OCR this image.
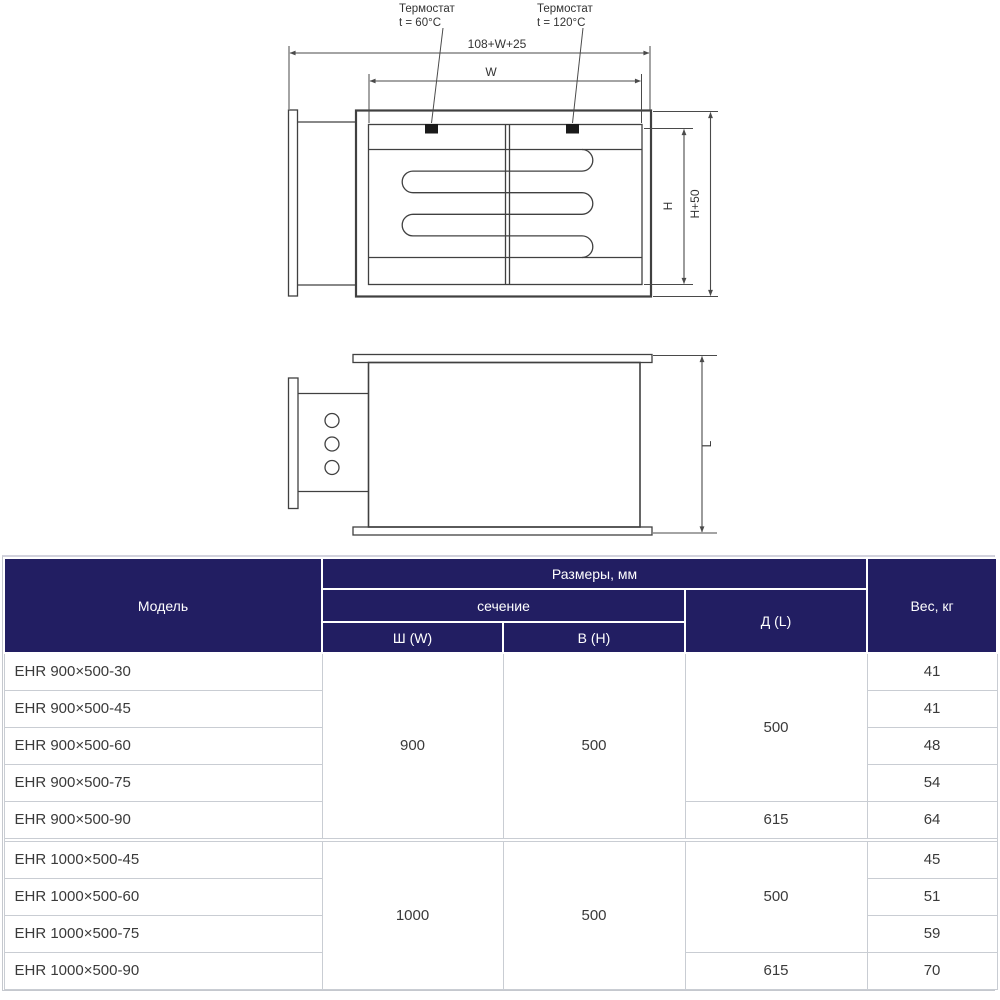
Термостат
t = 60°C
Термостат
t = 120°C
108+W+25
W
H H+50
L
Модель	Размеры, мм			Вес, кг
	сечение		Д (L)	
	Ш (W)	В (H)		
EHR 900×500-30	900	500	500	41
EHR 900×500-45				41
EHR 900×500-60				48
EHR 900×500-75				54
EHR 900×500-90			615	64

EHR 1000×500-45	1000	500	500	45
EHR 1000×500-60				51
EHR 1000×500-75				59
EHR 1000×500-90			615	70
